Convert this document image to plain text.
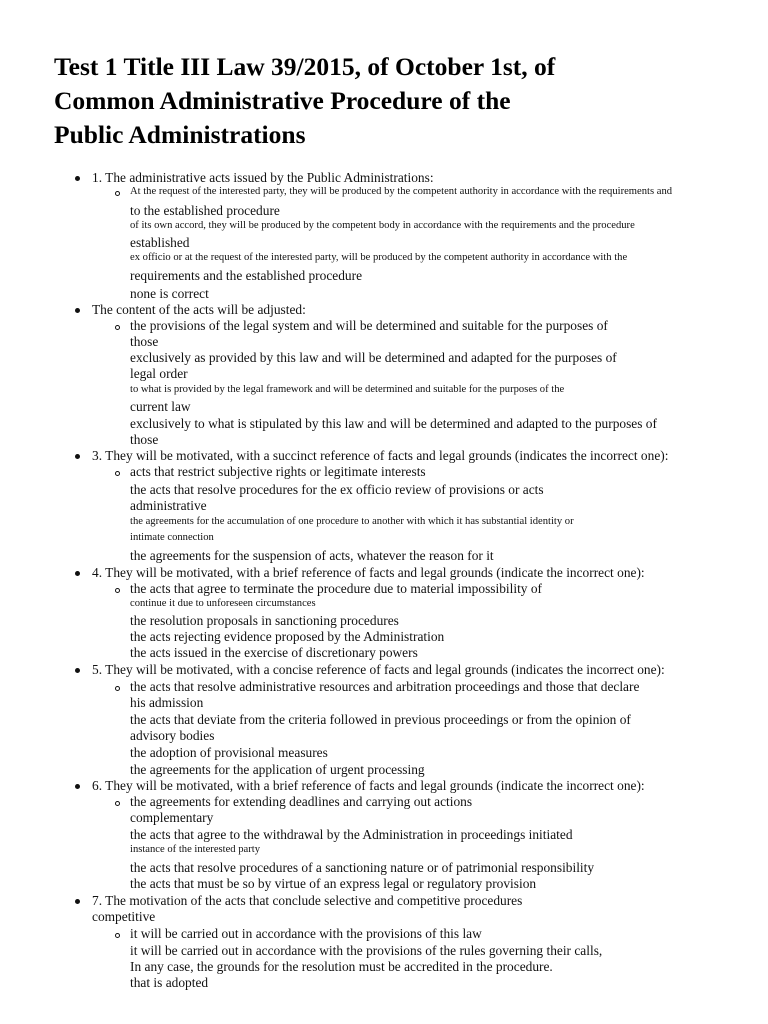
Test 1 Title III Law 39/2015, of October 1st, of
Common Administrative Procedure of the
Public Administrations
1. The administrative acts issued by the Public Administrations:
At the request of the interested party, they will be produced by the competent authority in accordance with the requirements and
to the established procedure
of its own accord, they will be produced by the competent body in accordance with the requirements and the procedure
established
ex officio or at the request of the interested party, will be produced by the competent authority in accordance with the
requirements and the established procedure
none is correct
The content of the acts will be adjusted:
the provisions of the legal system and will be determined and suitable for the purposes of
those
exclusively as provided by this law and will be determined and adapted for the purposes of
legal order
to what is provided by the legal framework and will be determined and suitable for the purposes of the
current law
exclusively to what is stipulated by this law and will be determined and adapted to the purposes of
those
3. They will be motivated, with a succinct reference of facts and legal grounds (indicates the incorrect one):
acts that restrict subjective rights or legitimate interests
the acts that resolve procedures for the ex officio review of provisions or acts
administrative
the agreements for the accumulation of one procedure to another with which it has substantial identity or
intimate connection
the agreements for the suspension of acts, whatever the reason for it
4. They will be motivated, with a brief reference of facts and legal grounds (indicate the incorrect one):
the acts that agree to terminate the procedure due to material impossibility of
continue it due to unforeseen circumstances
the resolution proposals in sanctioning procedures
the acts rejecting evidence proposed by the Administration
the acts issued in the exercise of discretionary powers
5. They will be motivated, with a concise reference of facts and legal grounds (indicates the incorrect one):
the acts that resolve administrative resources and arbitration proceedings and those that declare
his admission
the acts that deviate from the criteria followed in previous proceedings or from the opinion of
advisory bodies
the adoption of provisional measures
the agreements for the application of urgent processing
6. They will be motivated, with a brief reference of facts and legal grounds (indicate the incorrect one):
the agreements for extending deadlines and carrying out actions
complementary
the acts that agree to the withdrawal by the Administration in proceedings initiated
instance of the interested party
the acts that resolve procedures of a sanctioning nature or of patrimonial responsibility
the acts that must be so by virtue of an express legal or regulatory provision
7. The motivation of the acts that conclude selective and competitive procedures
competitive
it will be carried out in accordance with the provisions of this law
it will be carried out in accordance with the provisions of the rules governing their calls,
In any case, the grounds for the resolution must be accredited in the procedure.
that is adopted
